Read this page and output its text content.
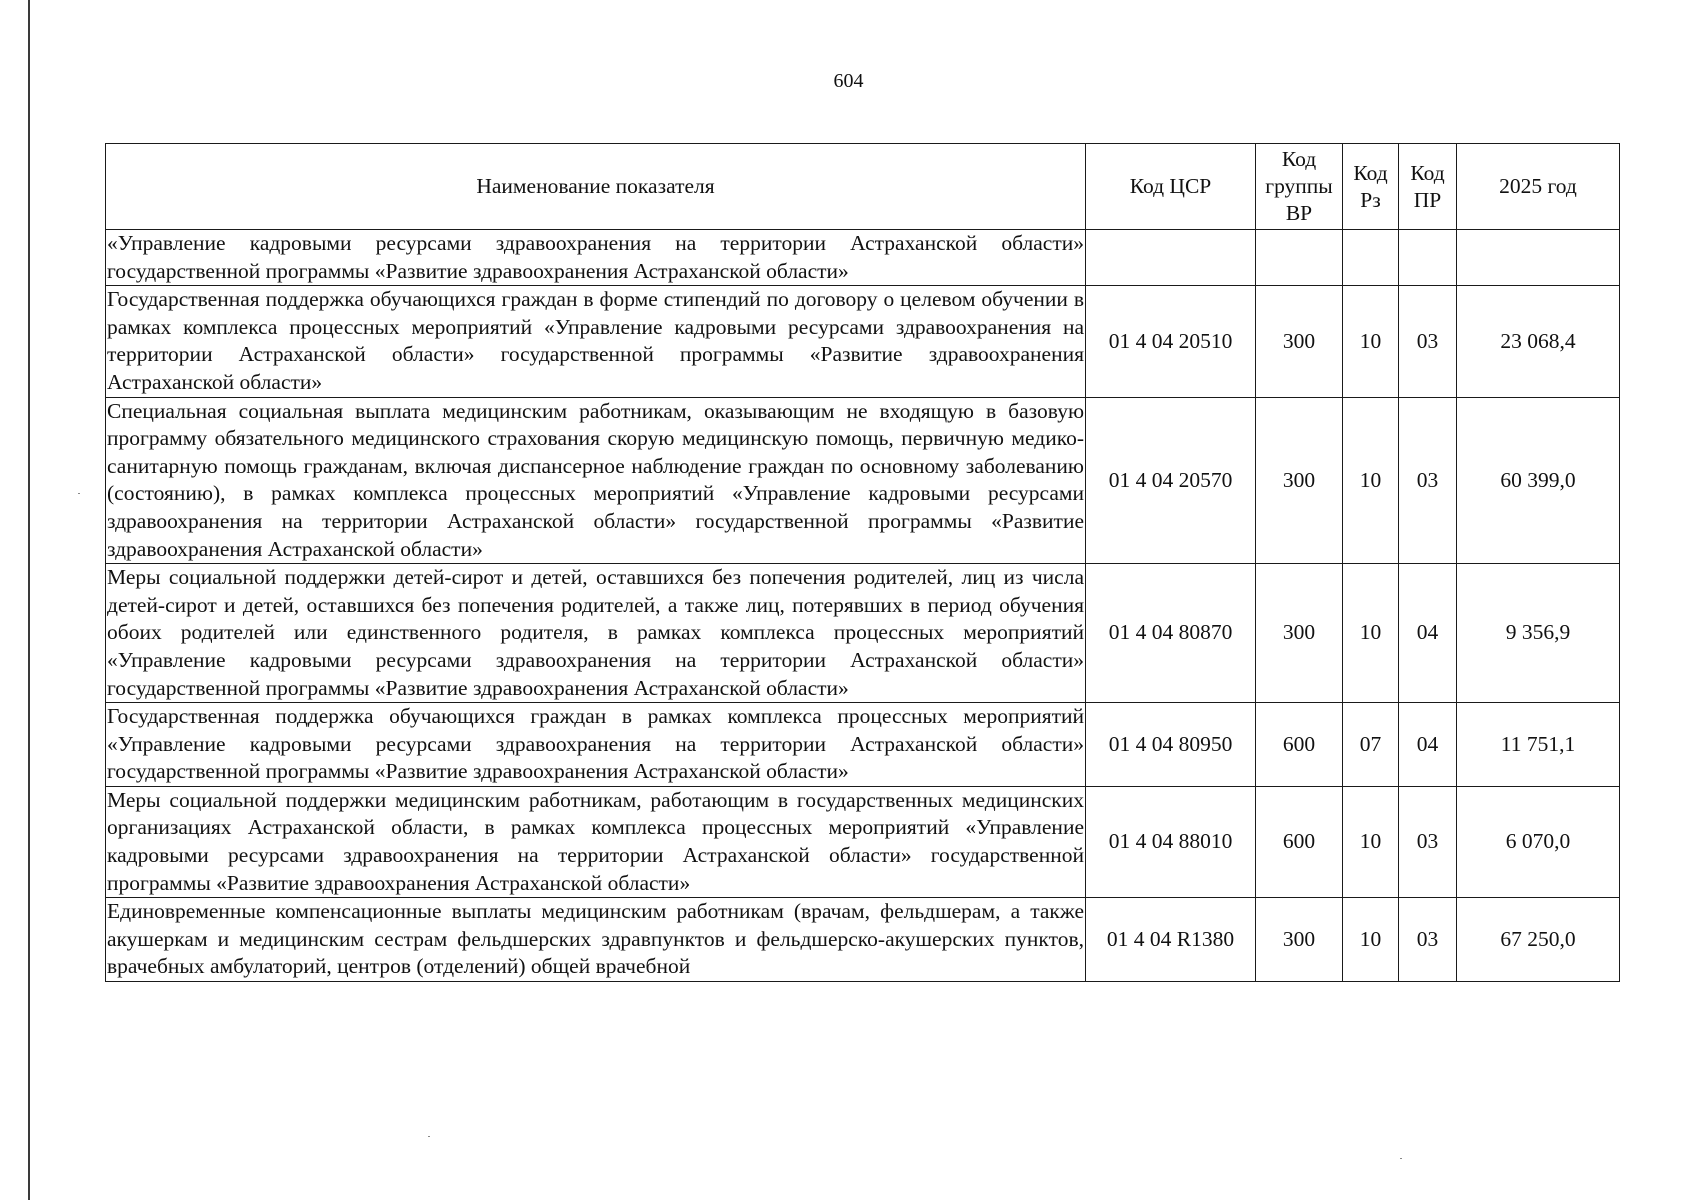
604
Наименование показателя	Код ЦСР	Код группы ВР	Код Рз	Код ПР	2025 год
«Управление кадровыми ресурсами здравоохранения на территории Астраханской области» государственной программы «Развитие здравоохранения Астраханской области»					
Государственная поддержка обучающихся граждан в форме стипендий по договору о целевом обучении в рамках комплекса процессных мероприятий «Управление кадровыми ресурсами здравоохранения на территории Астраханской области» государственной программы «Развитие здравоохранения Астраханской области»	01 4 04 20510	300	10	03	23 068,4
Специальная социальная выплата медицинским работникам, оказывающим не входящую в базовую программу обязательного медицинского страхования скорую медицинскую помощь, первичную медико-санитарную помощь гражданам, включая диспансерное наблюдение граждан по основному заболеванию (состоянию), в рамках комплекса процессных мероприятий «Управление кадровыми ресурсами здравоохранения на территории Астраханской области» государственной программы «Развитие здравоохранения Астраханской области»	01 4 04 20570	300	10	03	60 399,0
Меры социальной поддержки детей-сирот и детей, оставшихся без попечения родителей, лиц из числа детей-сирот и детей, оставшихся без попечения родителей, а также лиц, потерявших в период обучения обоих родителей или единственного родителя, в рамках комплекса процессных мероприятий «Управление кадровыми ресурсами здравоохранения на территории Астраханской области» государственной программы «Развитие здравоохранения Астраханской области»	01 4 04 80870	300	10	04	9 356,9
Государственная поддержка обучающихся граждан в рамках комплекса процессных мероприятий «Управление кадровыми ресурсами здравоохранения на территории Астраханской области» государственной программы «Развитие здравоохранения Астраханской области»	01 4 04 80950	600	07	04	11 751,1
Меры социальной поддержки медицинским работникам, работающим в государственных медицинских организациях Астраханской области, в рамках комплекса процессных мероприятий «Управление кадровыми ресурсами здравоохранения на территории Астраханской области» государственной программы «Развитие здравоохранения Астраханской области»	01 4 04 88010	600	10	03	6 070,0
Единовременные компенсационные выплаты медицинским работникам (врачам, фельдшерам, а также акушеркам и медицинским сестрам фельдшерских здравпунктов и фельдшерско-акушерских пунктов, врачебных амбулаторий, центров (отделений) общей врачебной	01 4 04 R1380	300	10	03	67 250,0
